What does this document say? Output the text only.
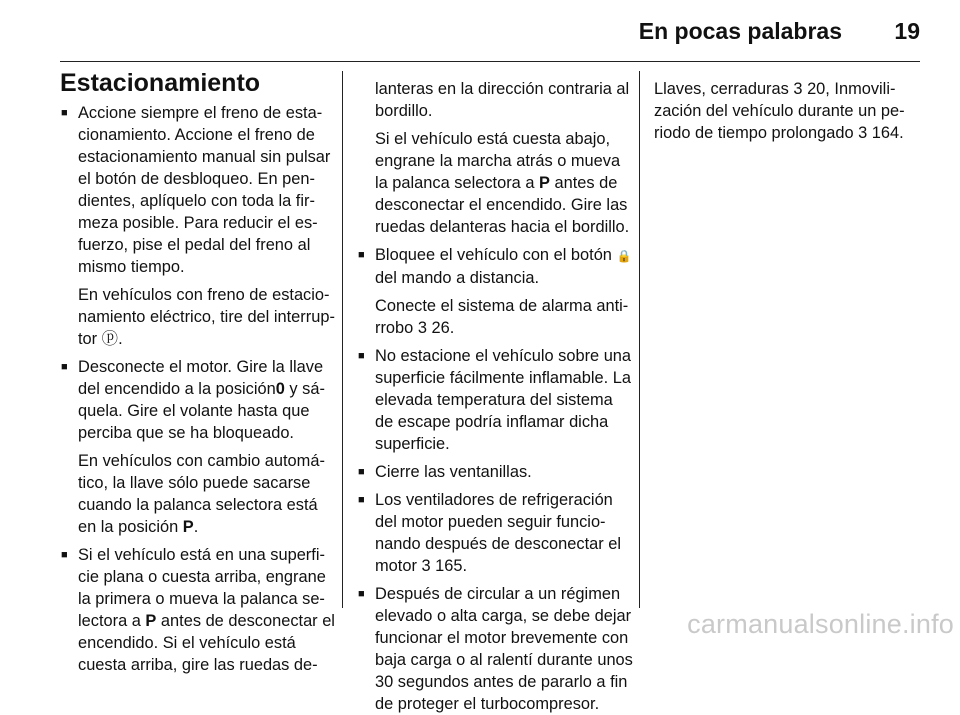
En pocas palabras 19
Estacionamiento
■ Accione siempre el freno de esta-
cionamiento. Accione el freno de
estacionamiento manual sin pulsar
el botón de desbloqueo. En pen-
dientes, aplíquelo con toda la fir-
meza posible. Para reducir el es-
fuerzo, pise el pedal del freno al
mismo tiempo.
En vehículos con freno de estacio-
namiento eléctrico, tire del interrup-
tor ⓟ.
■ Desconecte el motor. Gire la llave
del encendido a la posición0 y sá-
quela. Gire el volante hasta que
perciba que se ha bloqueado.
En vehículos con cambio automá-
tico, la llave sólo puede sacarse
cuando la palanca selectora está
en la posición P.
■ Si el vehículo está en una superfi-
cie plana o cuesta arriba, engrane
la primera o mueva la palanca se-
lectora a P antes de desconectar el
encendido. Si el vehículo está
cuesta arriba, gire las ruedas de-
lanteras en la dirección contraria al
bordillo.
Si el vehículo está cuesta abajo,
engrane la marcha atrás o mueva
la palanca selectora a P antes de
desconectar el encendido. Gire las
ruedas delanteras hacia el bordillo.
■ Bloquee el vehículo con el botón 🔒
del mando a distancia.
Conecte el sistema de alarma anti-
rrobo 3 26.
■ No estacione el vehículo sobre una
superficie fácilmente inflamable. La
elevada temperatura del sistema
de escape podría inflamar dicha
superficie.
■ Cierre las ventanillas.
■ Los ventiladores de refrigeración
del motor pueden seguir funcio-
nando después de desconectar el
motor 3 165.
■ Después de circular a un régimen
elevado o alta carga, se debe dejar
funcionar el motor brevemente con
baja carga o al ralentí durante unos
30 segundos antes de pararlo a fin
de proteger el turbocompresor.
Llaves, cerraduras 3 20, Inmovili-
zación del vehículo durante un pe-
riodo de tiempo prolongado 3 164.
carmanualsonline.info
